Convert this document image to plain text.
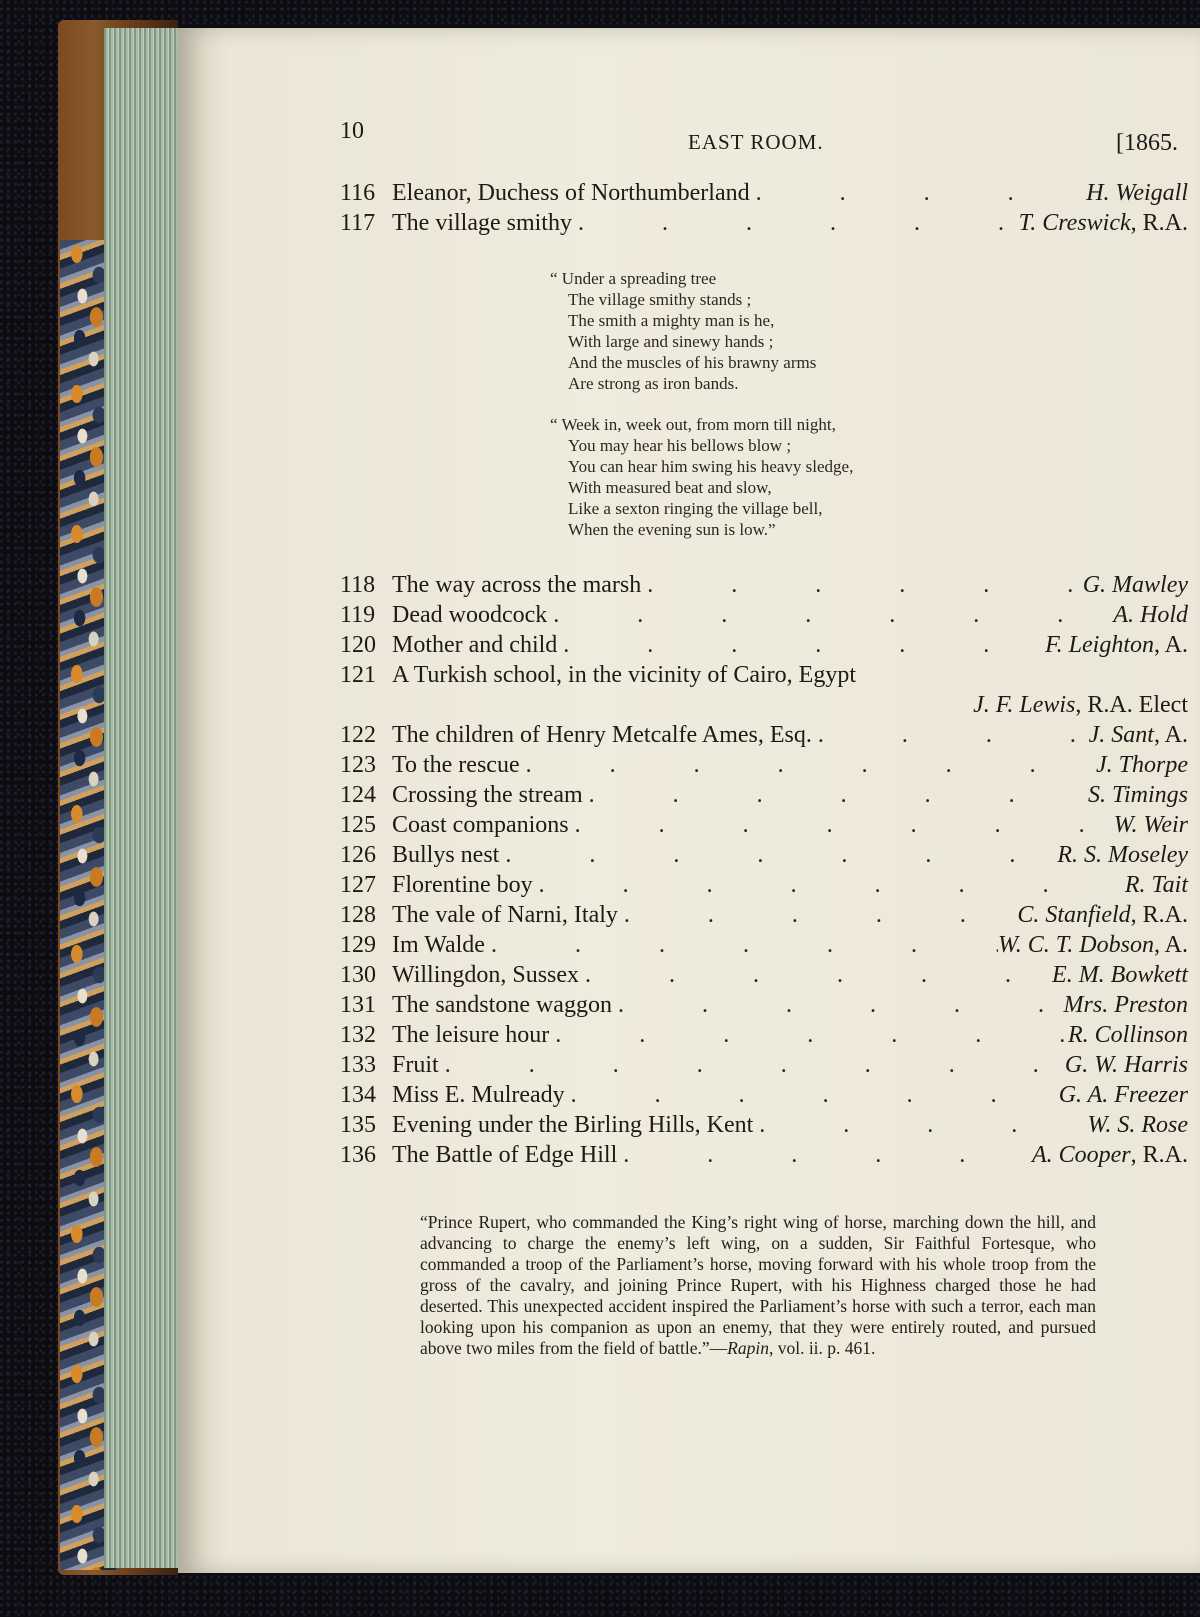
10	EAST ROOM.	[1865.
116 Eleanor, Duchess of Northumberland .	H. Weigall
117 The village smithy .	T. Creswick, R.A.
“ Under a spreading tree
The village smithy stands ;
The smith a mighty man is he,
With large and sinewy hands ;
And the muscles of his brawny arms
Are strong as iron bands.
“ Week in, week out, from morn till night,
You may hear his bellows blow ;
You can hear him swing his heavy sledge,
With measured beat and slow,
Like a sexton ringing the village bell,
When the evening sun is low.”
118 The way across the marsh .	G. Mawley
119 Dead woodcock .	A. Hold
120 Mother and child .	F. Leighton, A.
121 A Turkish school, in the vicinity of Cairo, Egypt
J. F. Lewis, R.A. Elect
122 The children of Henry Metcalfe Ames, Esq. .	J. Sant, A.
123 To the rescue .	J. Thorpe
124 Crossing the stream .	S. Timings
125 Coast companions .	W. Weir
126 Bullys nest .	R. S. Moseley
127 Florentine boy .	R. Tait
128 The vale of Narni, Italy .	C. Stanfield, R.A.
129 Im Walde .	W. C. T. Dobson, A.
130 Willingdon, Sussex .	E. M. Bowkett
131 The sandstone waggon .	Mrs. Preston
132 The leisure hour .	R. Collinson
133 Fruit .	G. W. Harris
134 Miss E. Mulready .	G. A. Freezer
135 Evening under the Birling Hills, Kent .	W. S. Rose
136 The Battle of Edge Hill .	A. Cooper, R.A.
“Prince Rupert, who commanded the King’s right wing of horse, marching down the hill, and advancing to charge the enemy’s left wing, on a sudden, Sir Faithful Fortesque, who commanded a troop of the Parliament’s horse, moving forward with his whole troop from the gross of the cavalry, and joining Prince Rupert, with his Highness charged those he had deserted. This unexpected accident inspired the Parliament’s horse with such a terror, each man looking upon his companion as upon an enemy, that they were entirely routed, and pursued above two miles from the field of battle.”—Rapin, vol. ii. p. 461.
